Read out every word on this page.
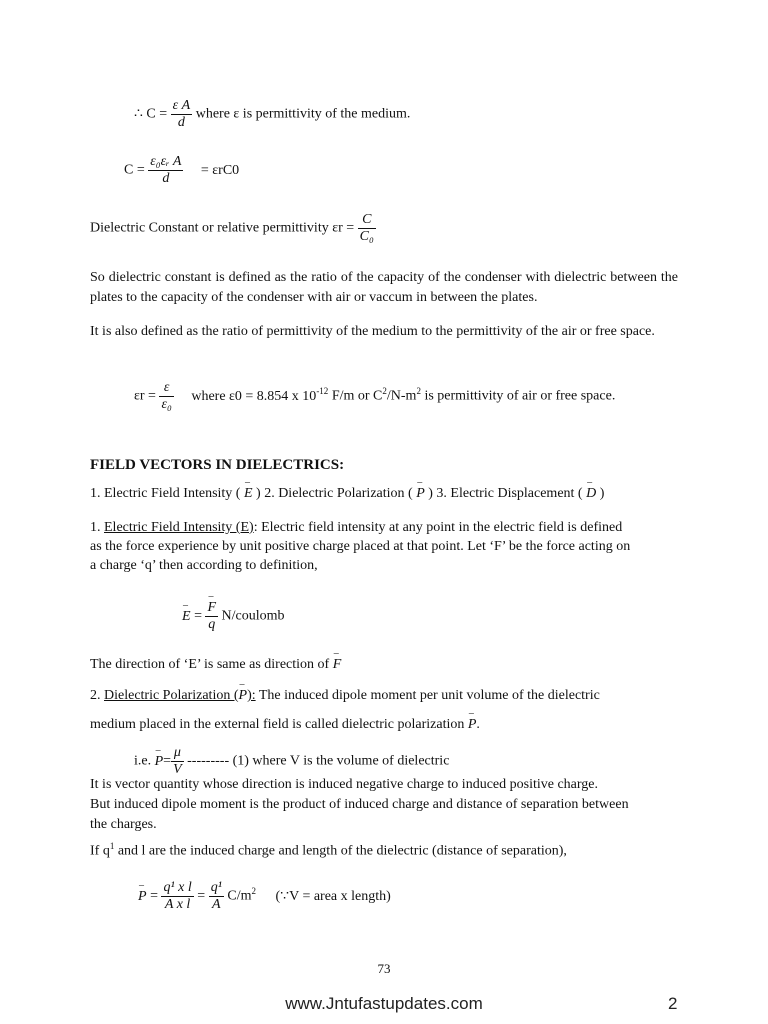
∴ $C = \frac{\text{ε A}}{d}$ where ε is permittivity of the medium.
$C = \frac{\text{ε₀εᵣ A}}{d} = \varepsilon rC0$
Dielectric Constant or relative permittivity $\varepsilon r = \frac{C}{\text{C₀}}$
So dielectric constant is defined as the ratio of the capacity of the condenser with dielectric between the plates to the capacity of the condenser with air or vaccum in between the plates.
It is also defined as the ratio of permittivity of the medium to the permittivity of the air or free space.
$\varepsilon r = \frac{\varepsilon}{\text{ε₀}}$ where ε0 = 8.854 x $10^{-12}$ F/m or $C^2/N-m^2$ is permittivity of air or free space.
FIELD VECTORS IN DIELECTRICS:
1. Electric Field Intensity ( – E ) 2. Dielectric Polarization ( – P ) 3. Electric Displacement ( – D )
1. Electric Field Intensity (E): Electric field intensity at any point in the electric field is defined
as the force experience by unit positive charge placed at that point. Let ‘F’ be the force acting on
a charge ‘q’ then according to definition,
– E = – $\frac{F}{q}$ N/coulomb
The direction of ‘E’ is same as direction of – F
2. Dielectric Polarization (– P): The induced dipole moment per unit volume of the dielectric
medium placed in the external field is called dielectric polarization – P.
i.e. – $P= \frac{\mu}{V}$ --------- (1) where V is the volume of dielectric
It is vector quantity whose direction is induced negative charge to induced positive charge.
But induced dipole moment is the product of induced charge and distance of separation between
the charges.
If $q^1$ and l are the induced charge and length of the dielectric (distance of separation),
– $P = \frac{\text{q¹ x l}}{\text{A x l}} = \frac{\text{q¹}}{A} C/m^2$ (∵V = area x length)
73
www.Jntufastupdates.com	2
